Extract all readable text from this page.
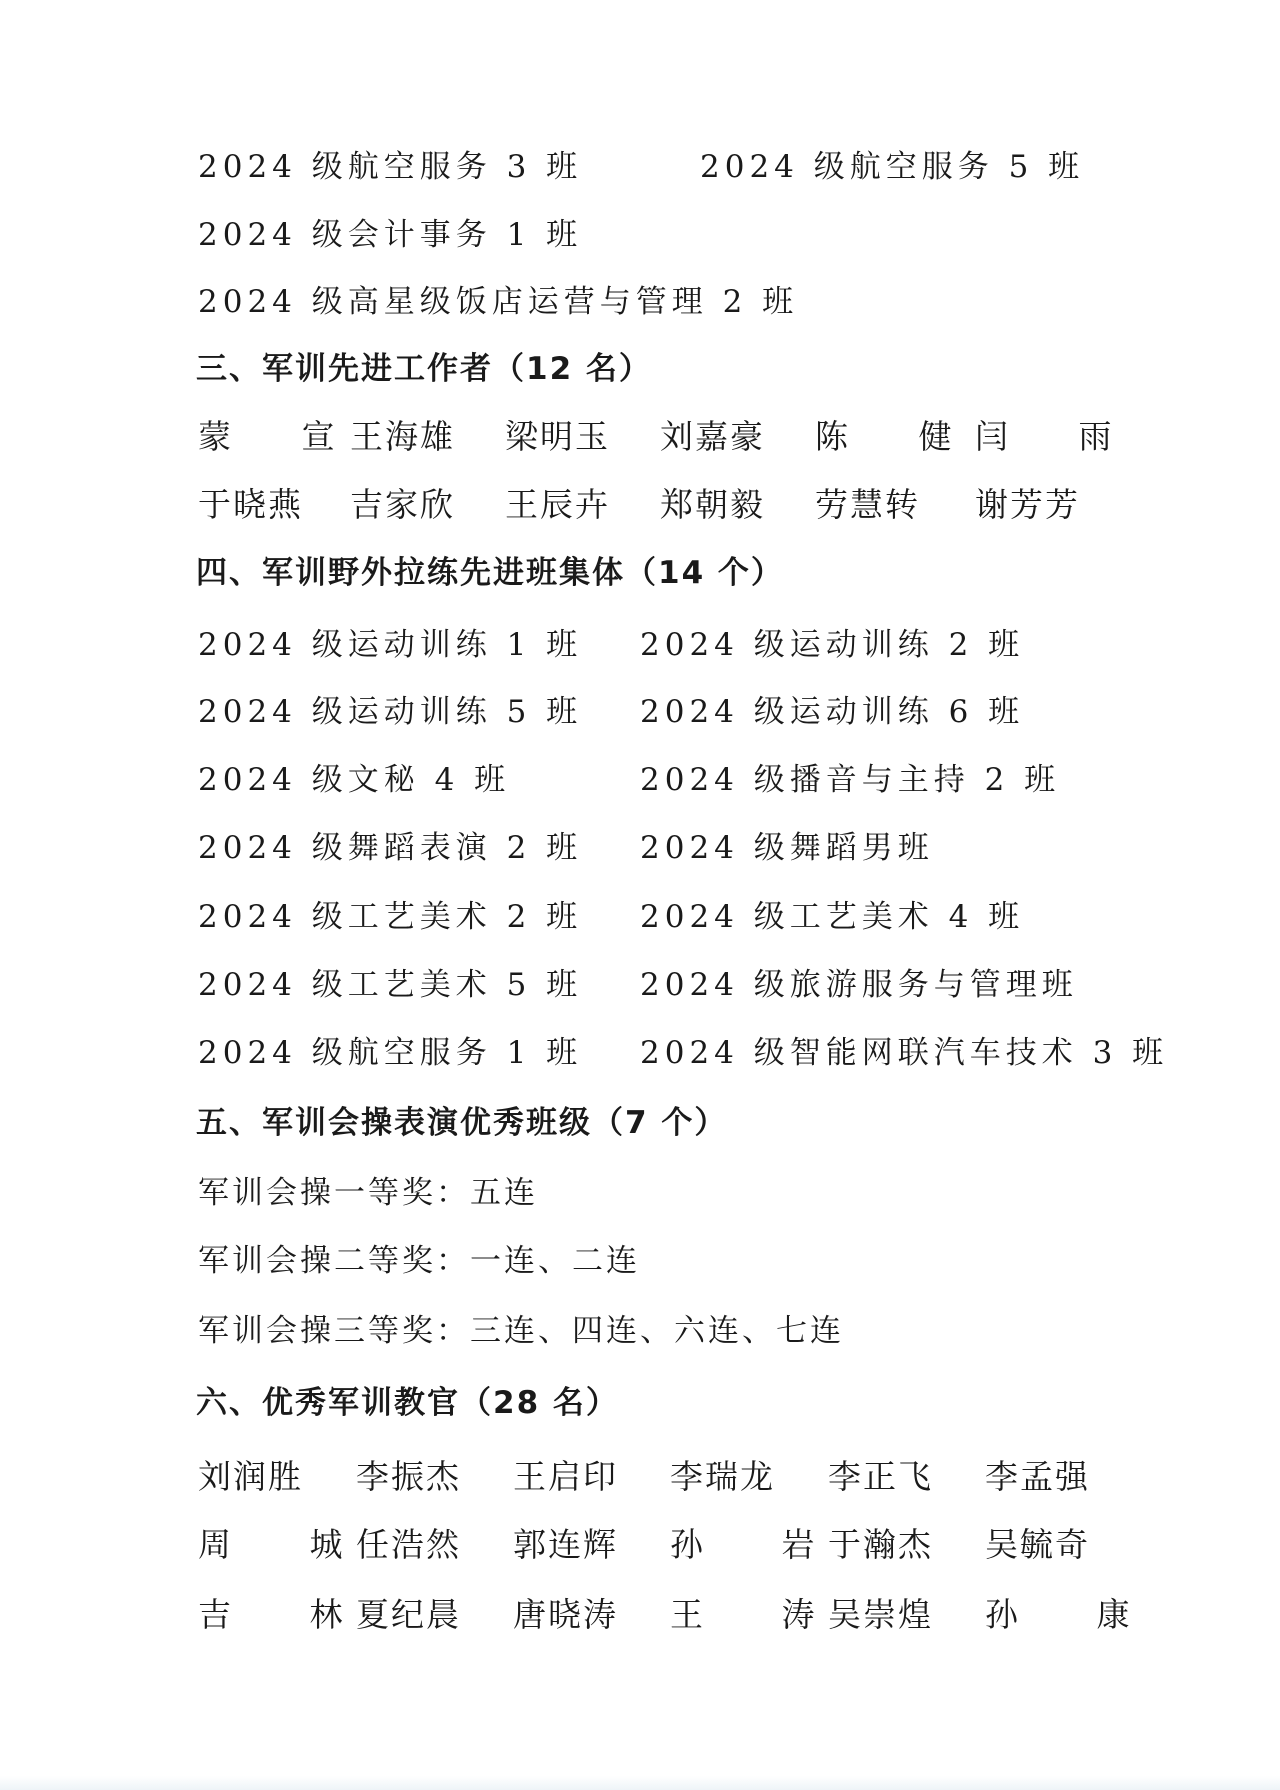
2024 级航空服务 3 班	2024 级航空服务 5 班
2024 级会计事务 1 班
2024 级高星级饭店运营与管理 2 班
三、军训先进工作者（12 名）
蒙 宣
王海雄 梁明玉 刘嘉豪 陈 健
闫 雨
于晓燕 吉家欣 王辰卉 郑朝毅 劳慧转 谢芳芳
四、军训野外拉练先进班集体（14 个）
2024 级运动训练 1 班 2024 级运动训练 2 班
2024 级运动训练 5 班 2024 级运动训练 6 班
2024 级文秘 4 班	2024 级播音与主持 2 班
2024 级舞蹈表演 2 班 2024 级舞蹈男班
2024 级工艺美术 2 班 2024 级工艺美术 4 班
2024 级工艺美术 5 班 2024 级旅游服务与管理班
2024 级航空服务 1 班 2024 级智能网联汽车技术 3 班
五、军训会操表演优秀班级（7 个）
军训会操一等奖：五连
军训会操二等奖：一连、二连
军训会操三等奖：三连、四连、六连、七连
六、优秀军训教官（28 名）
刘润胜 李振杰 王启印 李瑞龙 李正飞 李孟强
周 城
任浩然 郭连辉 孙 岩
于瀚杰 吴毓奇
吉 林
夏纪晨 唐晓涛 王 涛
吴崇煌 孙 康
